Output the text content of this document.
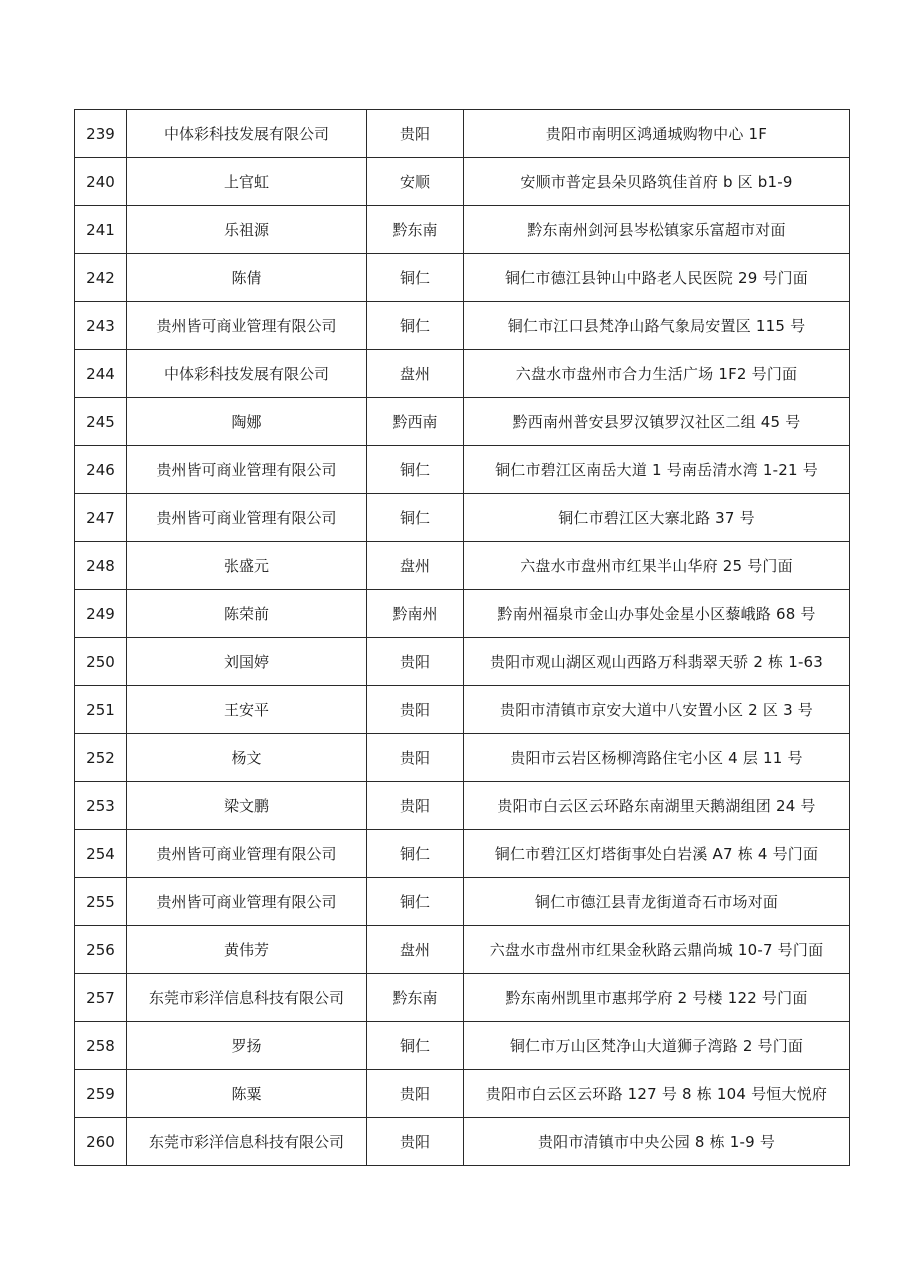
239	中体彩科技发展有限公司	贵阳	贵阳市南明区鸿通城购物中心 1F
240	上官虹	安顺	安顺市普定县朵贝路筑佳首府 b 区 b1-9
241	乐祖源	黔东南	黔东南州剑河县岑松镇家乐富超市对面
242	陈倩	铜仁	铜仁市德江县钟山中路老人民医院 29 号门面
243	贵州皆可商业管理有限公司	铜仁	铜仁市江口县梵净山路气象局安置区 115 号
244	中体彩科技发展有限公司	盘州	六盘水市盘州市合力生活广场 1F2 号门面
245	陶娜	黔西南	黔西南州普安县罗汉镇罗汉社区二组 45 号
246	贵州皆可商业管理有限公司	铜仁	铜仁市碧江区南岳大道 1 号南岳清水湾 1-21 号
247	贵州皆可商业管理有限公司	铜仁	铜仁市碧江区大寨北路 37 号
248	张盛元	盘州	六盘水市盘州市红果半山华府 25 号门面
249	陈荣前	黔南州	黔南州福泉市金山办事处金星小区藜峨路 68 号
250	刘国婷	贵阳	贵阳市观山湖区观山西路万科翡翠天骄 2 栋 1-63
251	王安平	贵阳	贵阳市清镇市京安大道中八安置小区 2 区 3 号
252	杨文	贵阳	贵阳市云岩区杨柳湾路住宅小区 4 层 11 号
253	梁文鹏	贵阳	贵阳市白云区云环路东南湖里天鹅湖组团 24 号
254	贵州皆可商业管理有限公司	铜仁	铜仁市碧江区灯塔街事处白岩溪 A7 栋 4 号门面
255	贵州皆可商业管理有限公司	铜仁	铜仁市德江县青龙街道奇石市场对面
256	黄伟芳	盘州	六盘水市盘州市红果金秋路云鼎尚城 10-7 号门面
257	东莞市彩洋信息科技有限公司	黔东南	黔东南州凯里市惠邦学府 2 号楼 122 号门面
258	罗扬	铜仁	铜仁市万山区梵净山大道狮子湾路 2 号门面
259	陈粟	贵阳	贵阳市白云区云环路 127 号 8 栋 104 号恒大悦府
260	东莞市彩洋信息科技有限公司	贵阳	贵阳市清镇市中央公园 8 栋 1-9 号
